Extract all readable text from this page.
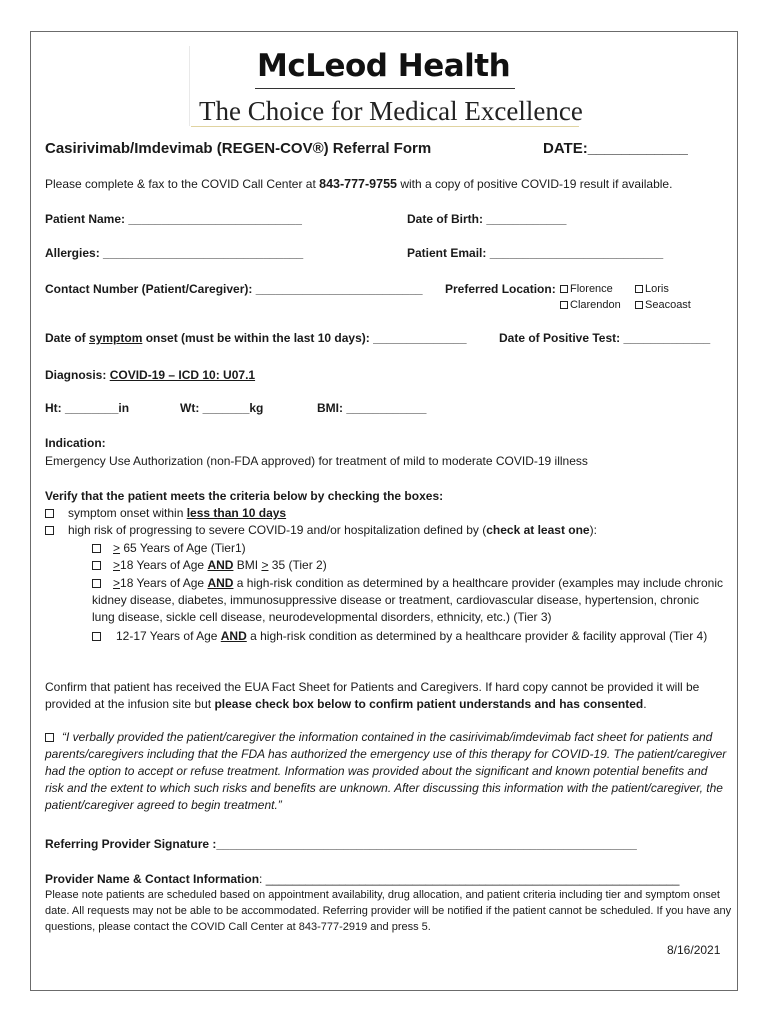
McLeod Health
The Choice for Medical Excellence
Casirivimab/Imdevimab (REGEN-COV®) Referral Form	DATE:____________
Please complete & fax to the COVID Call Center at 843-777-9755 with a copy of positive COVID-19 result if available.
Patient Name: __________________________	Date of Birth: ____________
Allergies: ______________________________	Patient Email: __________________________
Contact Number (Patient/Caregiver): _________________________ Preferred Location:	Florence	Loris
Clarendon	Seacoast
Date of symptom onset (must be within the last 10 days): ______________	Date of Positive Test: _____________
Diagnosis: COVID-19 – ICD 10: U07.1
Ht: ________in	Wt: _______kg	BMI: ____________
Indication:
Emergency Use Authorization (non-FDA approved) for treatment of mild to moderate COVID-19 illness
Verify that the patient meets the criteria below by checking the boxes:
symptom onset within less than 10 days
high risk of progressing to severe COVID-19 and/or hospitalization defined by (check at least one):
≥ 65 Years of Age (Tier1)
≥18 Years of Age AND BMI ≥ 35 (Tier 2)
≥18 Years of Age AND a high-risk condition as determined by a healthcare provider (examples may include chronic kidney disease, diabetes, immunosuppressive disease or treatment, cardiovascular disease, hypertension, chronic lung disease, sickle cell disease, neurodevelopmental disorders, ethnicity, etc.) (Tier 3)
12-17 Years of Age AND a high-risk condition as determined by a healthcare provider & facility approval (Tier 4)
Confirm that patient has received the EUA Fact Sheet for Patients and Caregivers. If hard copy cannot be provided it will be provided at the infusion site but please check box below to confirm patient understands and has consented.
“I verbally provided the patient/caregiver the information contained in the casirivimab/imdevimab fact sheet for patients and parents/caregivers including that the FDA has authorized the emergency use of this therapy for COVID-19. The patient/caregiver had the option to accept or refuse treatment. Information was provided about the significant and known potential benefits and risk and the extent to which such risks and benefits are unknown. After discussing this information with the patient/caregiver, the patient/caregiver agreed to begin treatment.”
Referring Provider Signature :_______________________________________________________________
Provider Name & Contact Information: ______________________________________________________________
Please note patients are scheduled based on appointment availability, drug allocation, and patient criteria including tier and symptom onset date. All requests may not be able to be accommodated. Referring provider will be notified if the patient cannot be scheduled. If you have any questions, please contact the COVID Call Center at 843-777-2919 and press 5.
8/16/2021
